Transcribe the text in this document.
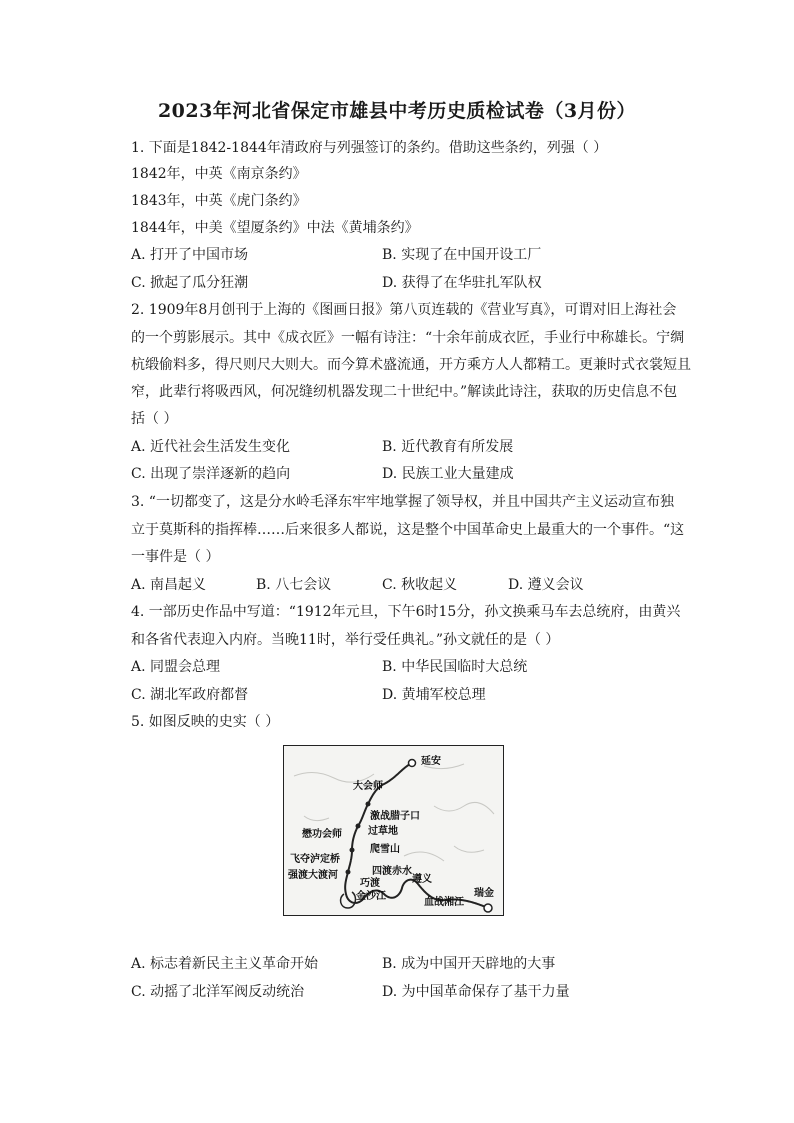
2023年河北省保定市雄县中考历史质检试卷（3月份）
1. 下面是1842-1844年清政府与列强签订的条约。借助这些条约，列强（ ）
1842年，中英《南京条约》
1843年，中英《虎门条约》
1844年，中美《望厦条约》中法《黄埔条约》
A. 打开了中国市场	B. 实现了在中国开设工厂
C. 掀起了瓜分狂潮	D. 获得了在华驻扎军队权
2. 1909年8月创刊于上海的《图画日报》第八页连载的《营业写真》，可谓对旧上海社会
的一个剪影展示。其中《成衣匠》一幅有诗注：“十余年前成衣匠，手业行中称雄长。宁绸
杭缎偷料多，得尺则尺大则大。而今算术盛流通，开方乘方人人都精工。更兼时式衣裳短且
窄，此辈行将吸西风，何况缝纫机器发现二十世纪中。”解读此诗注，获取的历史信息不包
括（ ）
A. 近代社会生活发生变化	B. 近代教育有所发展
C. 出现了崇洋逐新的趋向	D. 民族工业大量建成
3. “一切都变了，这是分水岭毛泽东牢牢地掌握了领导权，并且中国共产主义运动宣布独
立于莫斯科的指挥棒……后来很多人都说，这是整个中国革命史上最重大的一个事件。“这
一事件是（ ）
A. 南昌起义	B. 八七会议	C. 秋收起义	D. 遵义会议
4. 一部历史作品中写道：“1912年元旦，下午6时15分，孙文换乘马车去总统府，由黄兴
和各省代表迎入内府。当晚11时，举行受任典礼。”孙文就任的是（ ）
A. 同盟会总理	B. 中华民国临时大总统
C. 湖北军政府都督	D. 黄埔军校总理
5. 如图反映的史实（ ）
延安
大会师
激战腊子口
过草地
懋功会师
爬雪山
飞夺泸定桥
强渡大渡河	四渡赤水
巧渡	遵义
金沙江
血战湘江
瑞金
A. 标志着新民主主义革命开始	B. 成为中国开天辟地的大事
C. 动摇了北洋军阀反动统治	D. 为中国革命保存了基干力量
